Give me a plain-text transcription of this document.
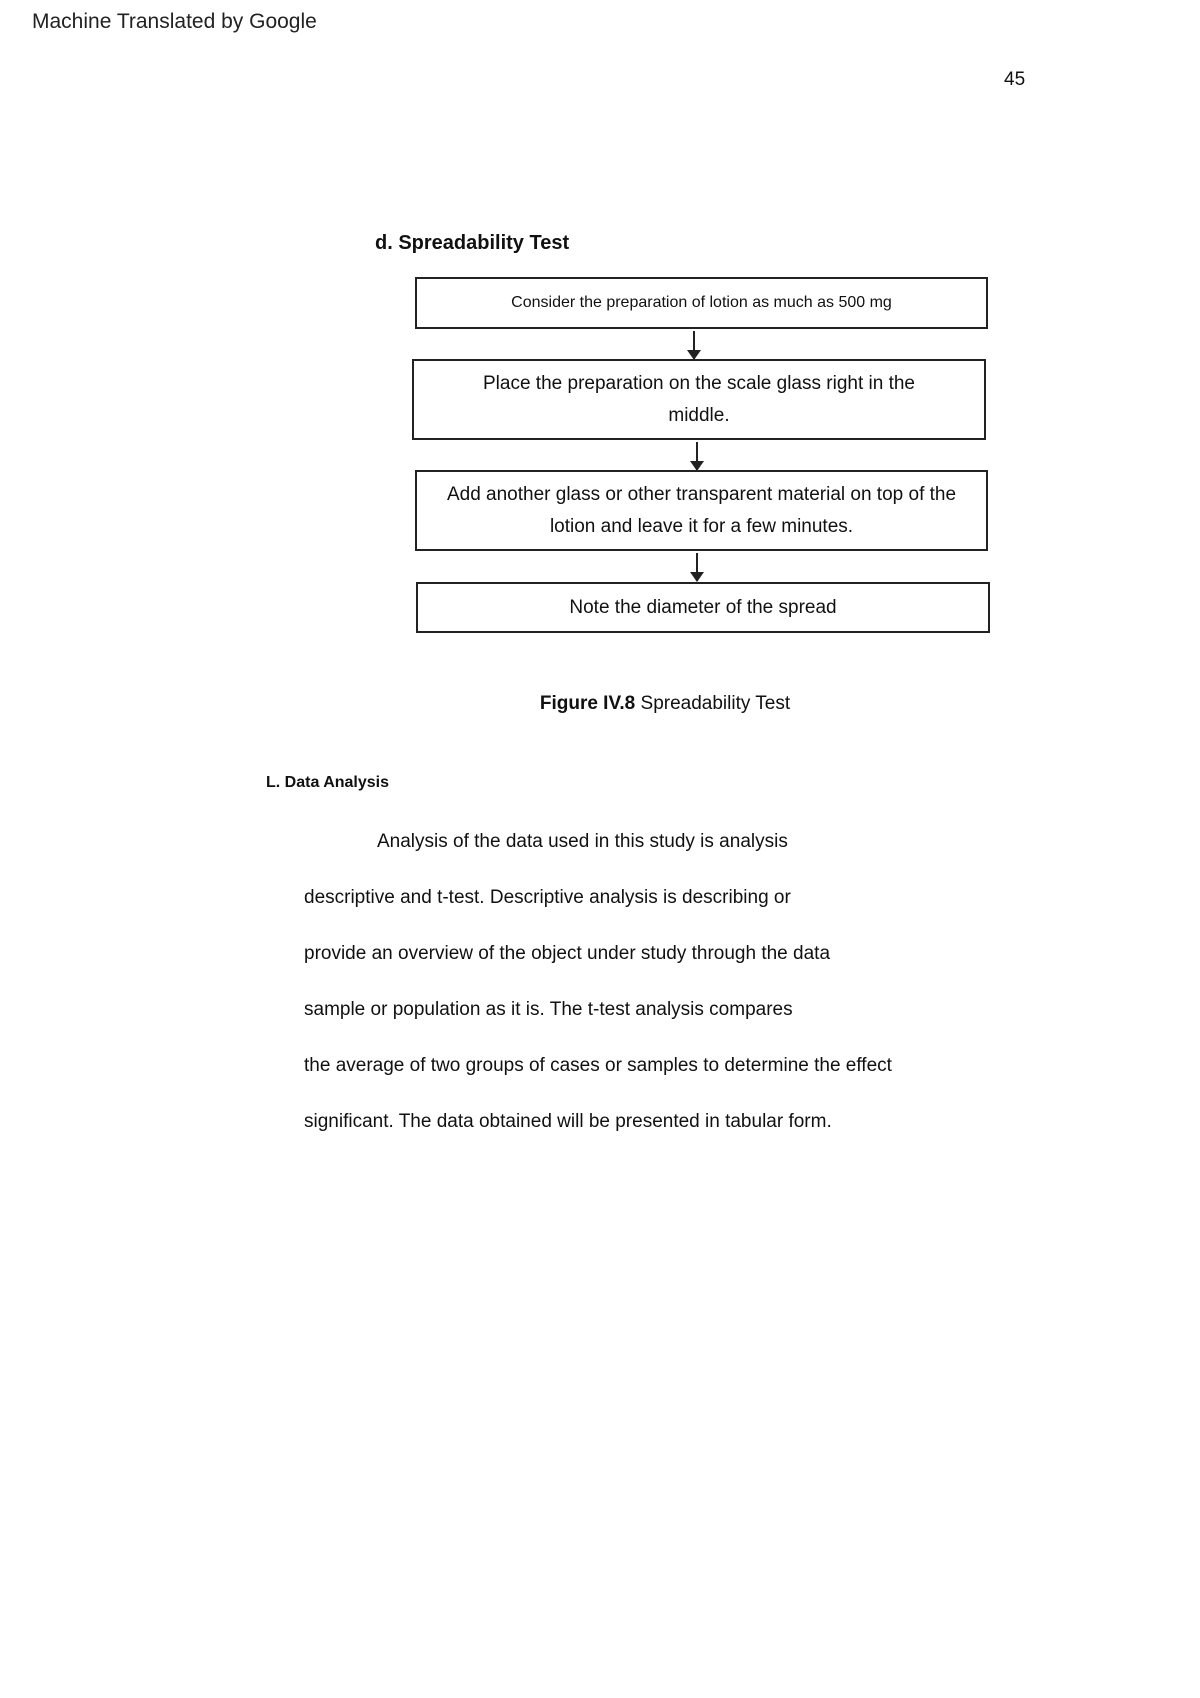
Machine Translated by Google
45
d. Spreadability Test
Consider the preparation of lotion as much as 500 mg
Place the preparation on the scale glass right in the middle.
Add another glass or other transparent material on top of the lotion and leave it for a few minutes.
Note the diameter of the spread
Figure IV.8 Spreadability Test
L. Data Analysis
Analysis of the data used in this study is analysis
descriptive and t-test. Descriptive analysis is describing or
provide an overview of the object under study through the data
sample or population as it is. The t-test analysis compares
the average of two groups of cases or samples to determine the effect
significant. The data obtained will be presented in tabular form.
